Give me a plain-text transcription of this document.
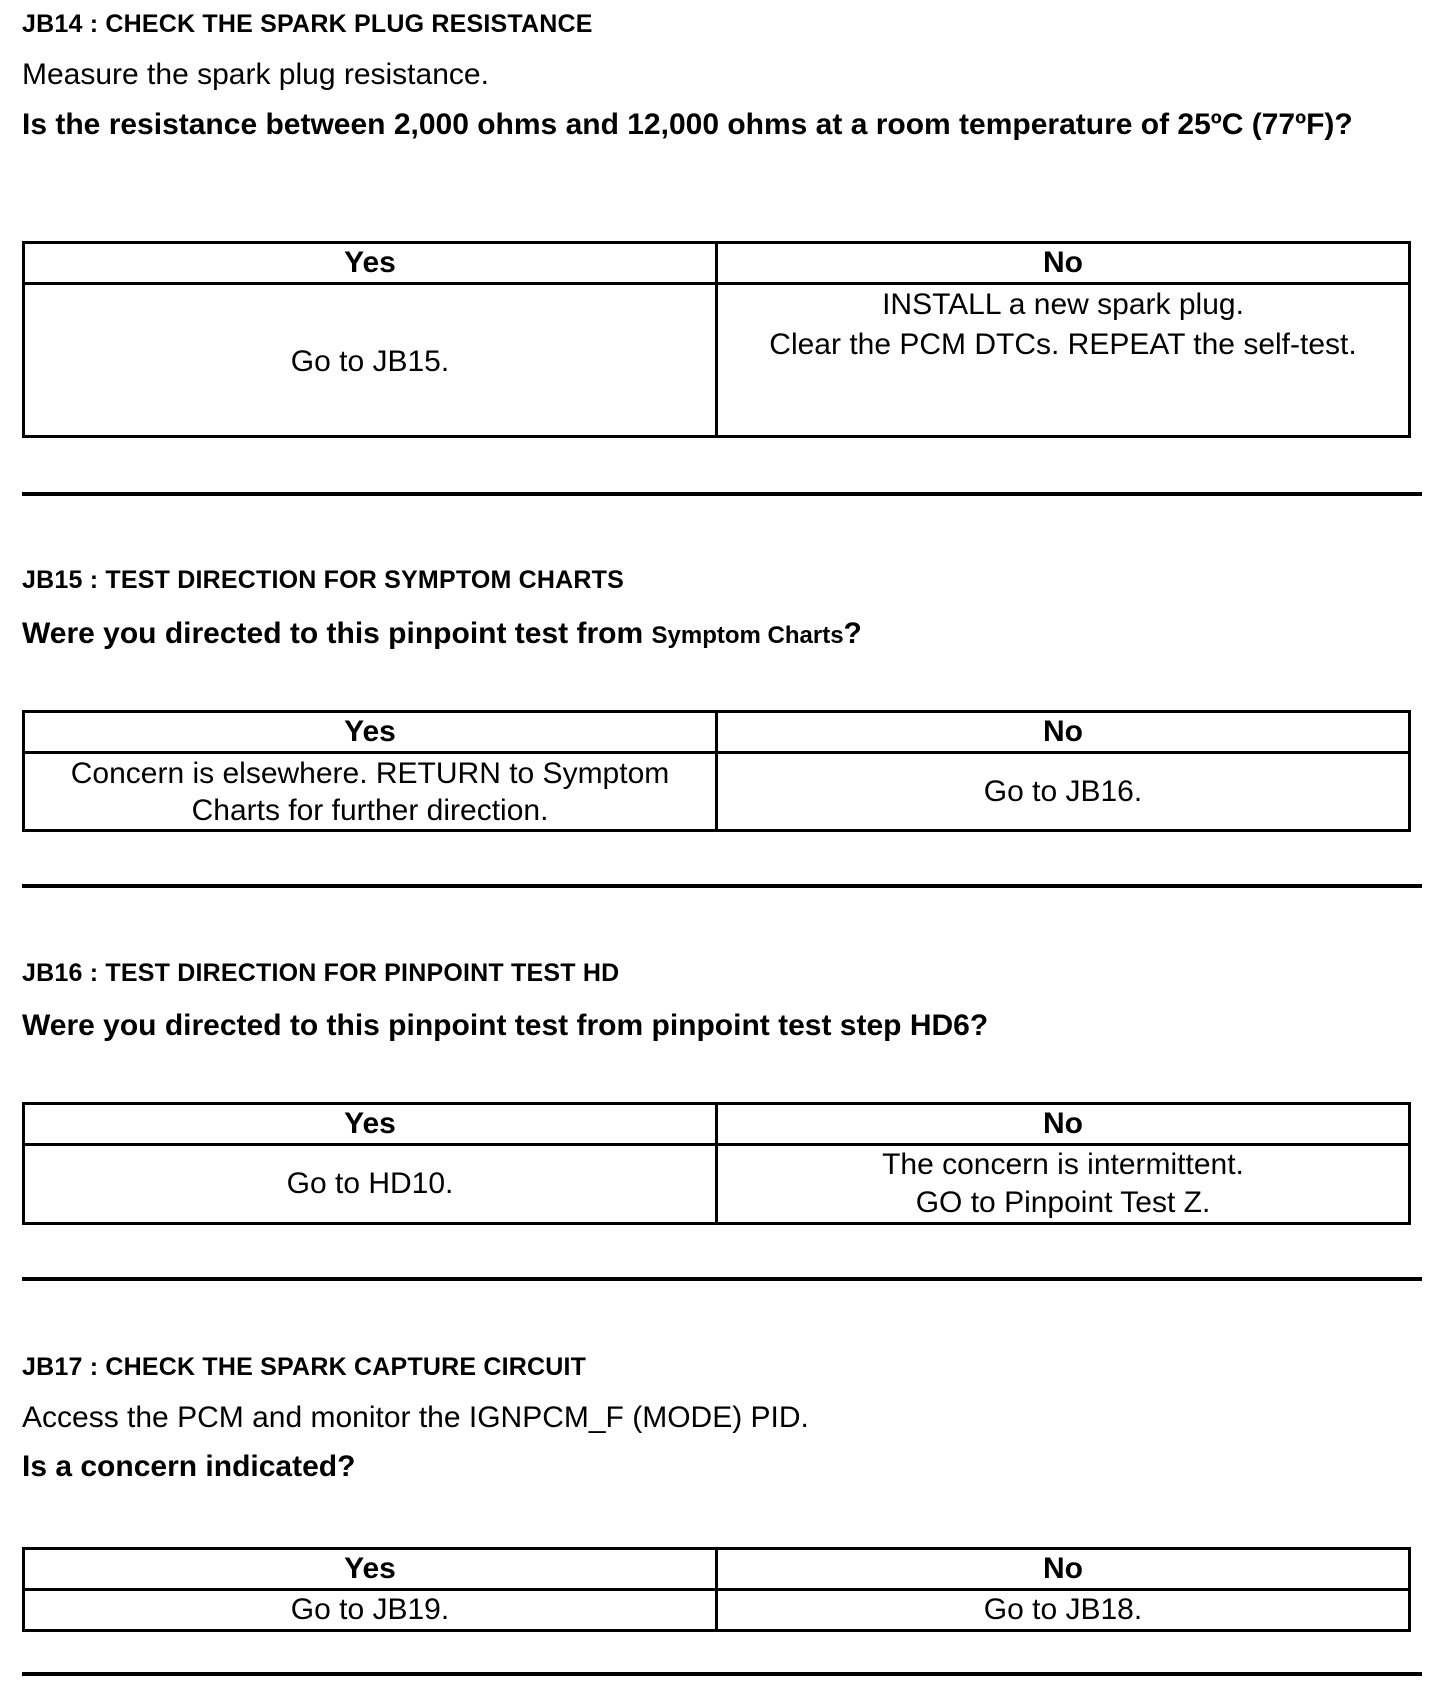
JB14 : CHECK THE SPARK PLUG RESISTANCE
Measure the spark plug resistance.
Is the resistance between 2,000 ohms and 12,000 ohms at a room temperature of 25ºC (77ºF)?
Yes	No
Go to JB15.	INSTALL a new spark plug.
Clear the PCM DTCs. REPEAT the self-test.
JB15 : TEST DIRECTION FOR SYMPTOM CHARTS
Were you directed to this pinpoint test from Symptom Charts?
Yes	No

Concern is elsewhere. RETURN to Symptom
Charts for further direction.	Go to JB16.
JB16 : TEST DIRECTION FOR PINPOINT TEST HD
Were you directed to this pinpoint test from pinpoint test step HD6?
Yes	No
Go to HD10.	The concern is intermittent.
GO to Pinpoint Test Z.
JB17 : CHECK THE SPARK CAPTURE CIRCUIT
Access the PCM and monitor the IGNPCM_F (MODE) PID.
Is a concern indicated?
Yes	No
Go to JB19.	Go to JB18.
